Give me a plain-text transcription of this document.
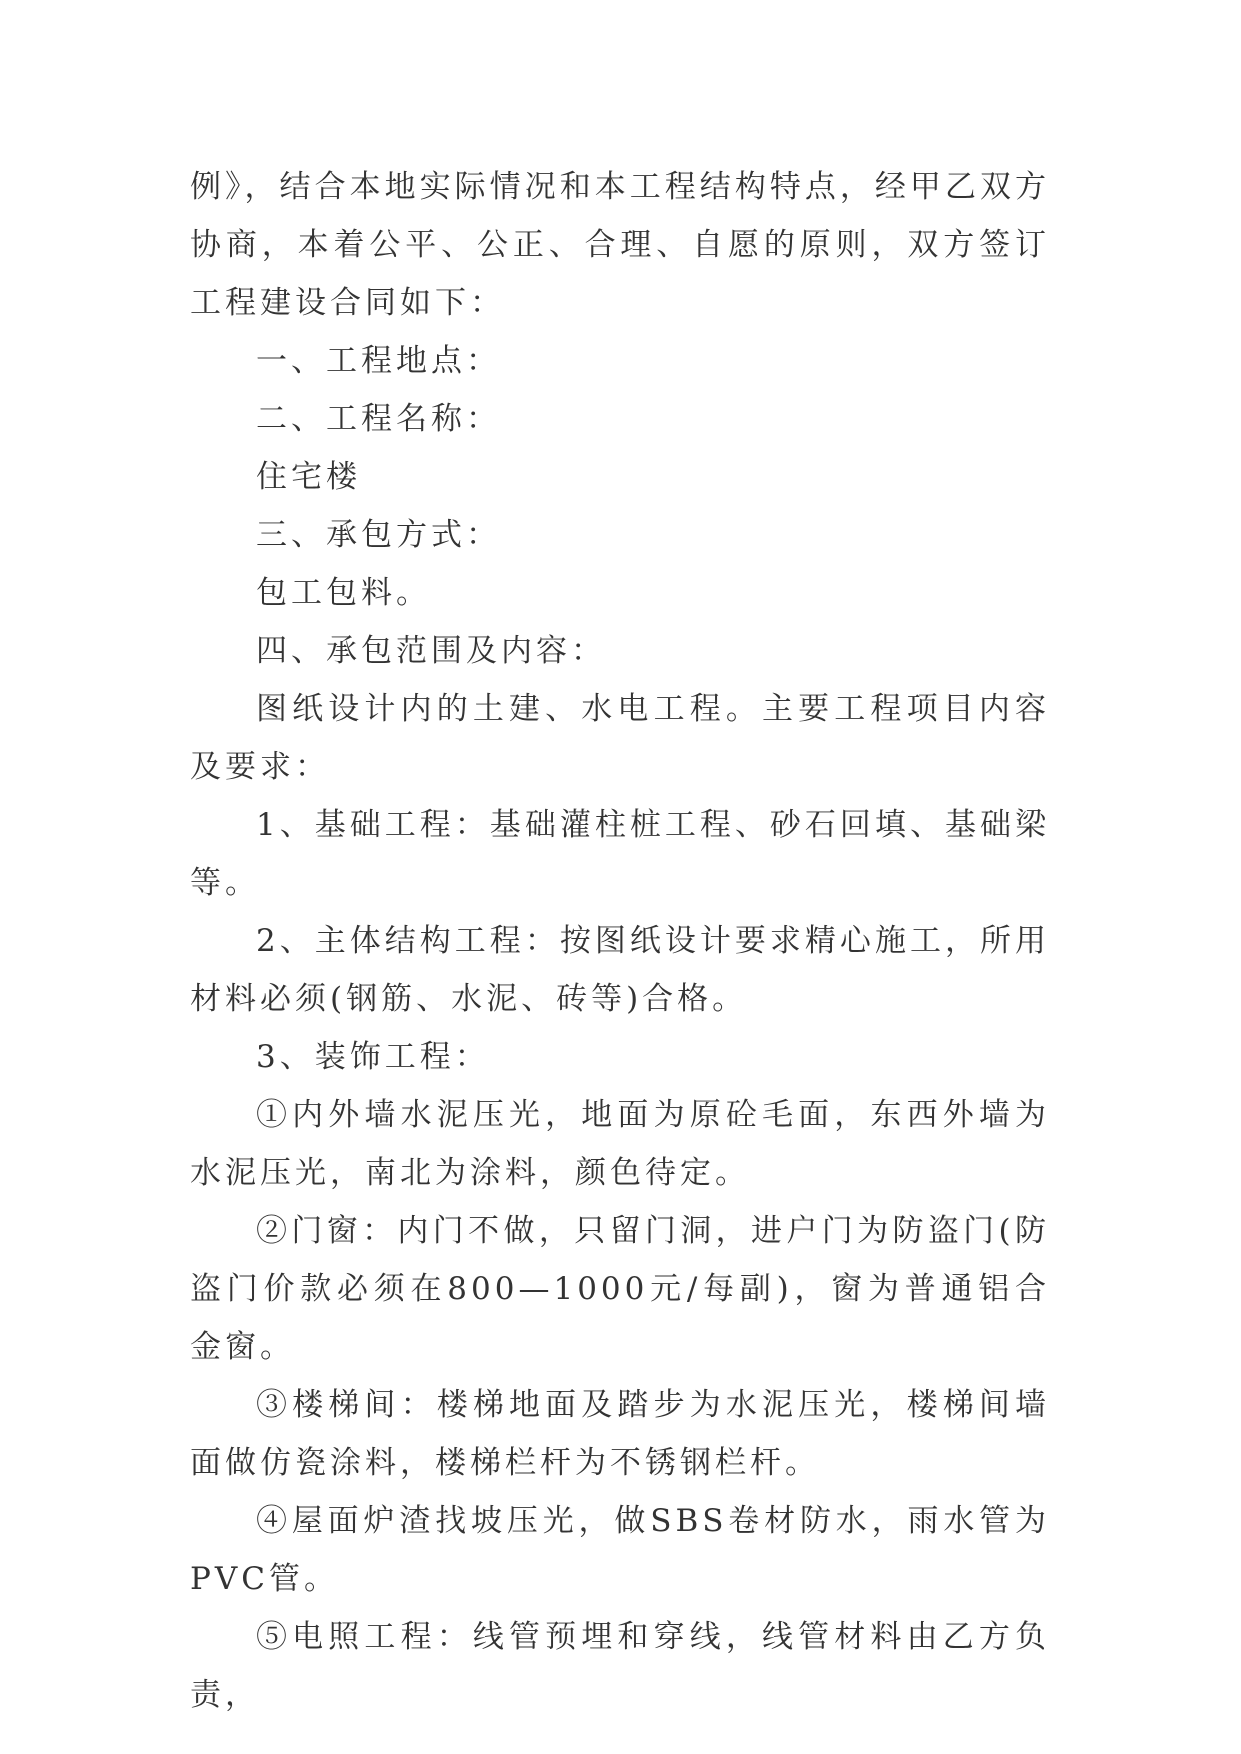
例》，结合本地实际情况和本工程结构特点，经甲乙双方协商，本着公平、公正、合理、自愿的原则，双方签订工程建设合同如下：

一、工程地点：

二、工程名称：

住宅楼

三、承包方式：

包工包料。

四、承包范围及内容：

图纸设计内的土建、水电工程。主要工程项目内容及要求：

1、基础工程：基础灌柱桩工程、砂石回填、基础梁等。

2、主体结构工程：按图纸设计要求精心施工，所用材料必须(钢筋、水泥、砖等)合格。

3、装饰工程：

①内外墙水泥压光，地面为原砼毛面，东西外墙为水泥压光，南北为涂料，颜色待定。

②门窗：内门不做，只留门洞，进户门为防盗门(防盗门价款必须在800—1000元/每副)，窗为普通铝合金窗。

③楼梯间：楼梯地面及踏步为水泥压光，楼梯间墙面做仿瓷涂料，楼梯栏杆为不锈钢栏杆。

④屋面炉渣找坡压光，做SBS卷材防水，雨水管为PVC管。

⑤电照工程：线管预埋和穿线，线管材料由乙方负责，
